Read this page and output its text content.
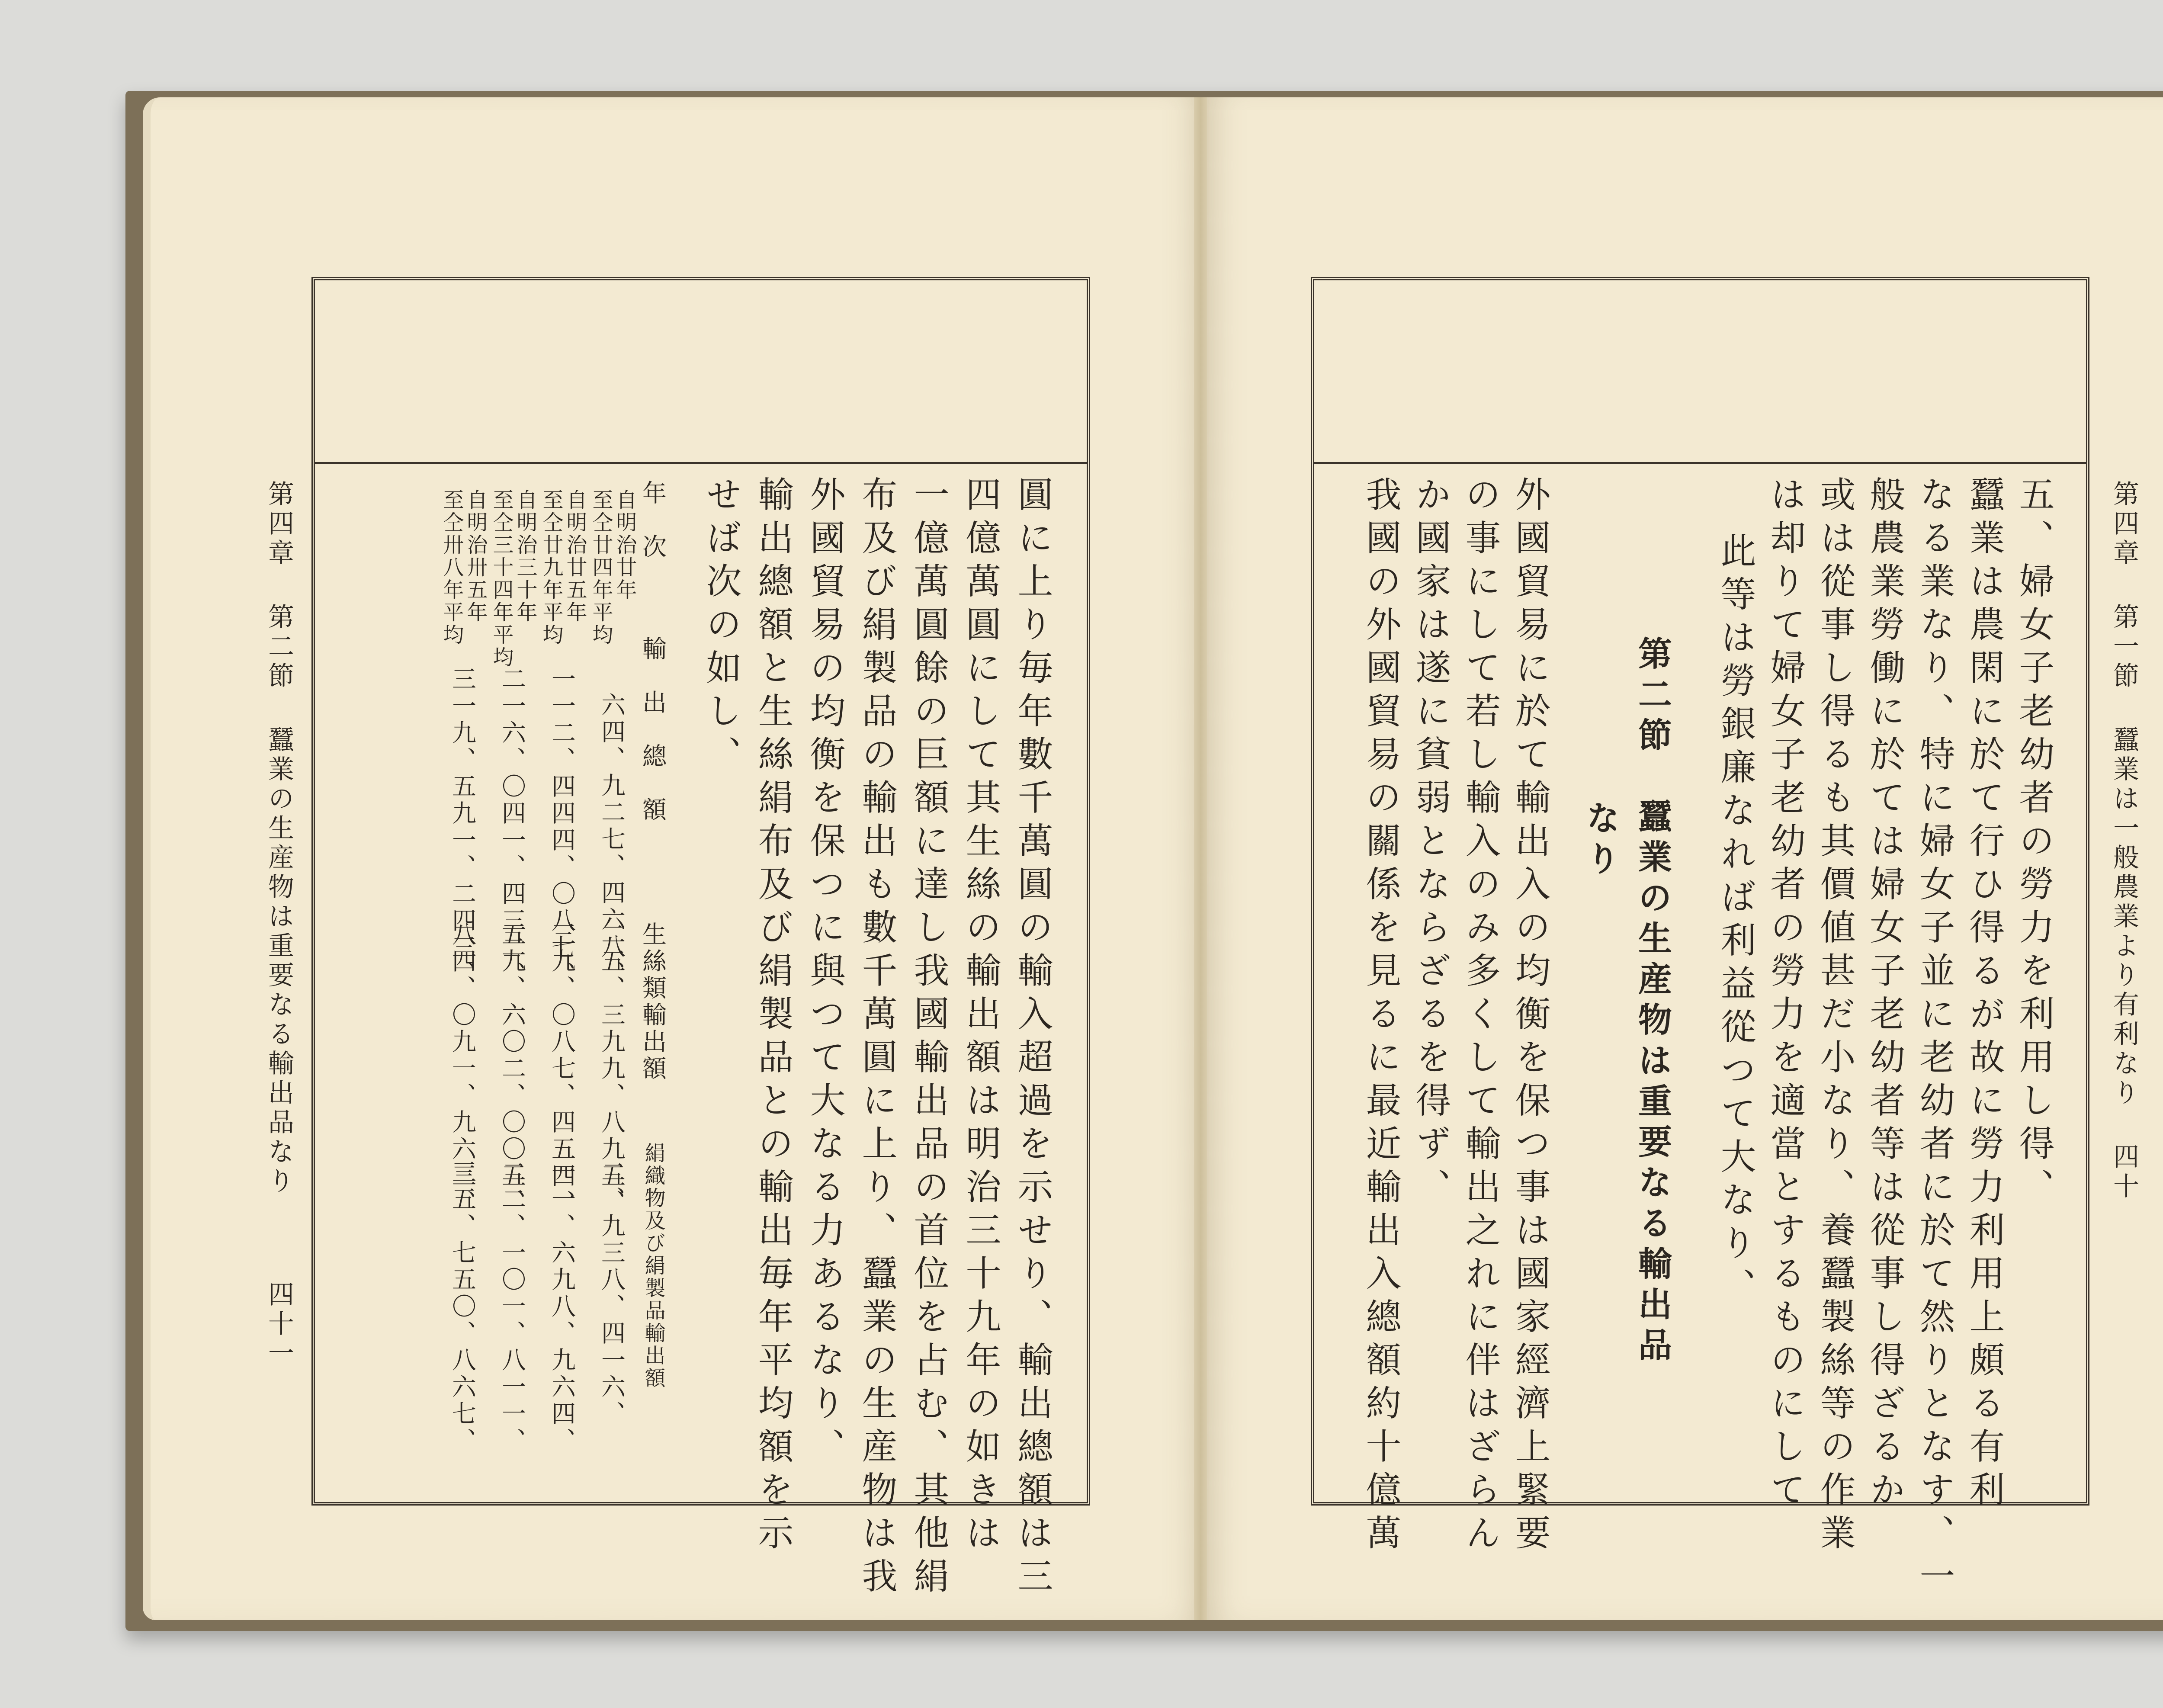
第四章第二節蠶業の生産物は重要なる輸出品なり
四十一	圓に上り毎年數千萬圓の輸入超過を示せり、輸出總額は三
四億萬圓にして其生絲の輸出額は明治三十九年の如きは
一億萬圓餘の巨額に達し我國輸出品の首位を占む、其他絹
布及び絹製品の輸出も數千萬圓に上り、蠶業の生産物は我
外國貿易の均衡を保つに與つて大なる力あるなり、
輸出總額と生絲絹布及び絹製品との輸出毎年平均額を示
せば次の如し、
年　次
輸　出　總　額
生絲類輸出額
絹織物及び絹製品輸出額
自明治廿年
至仝廿四年平均
六四、九二七、四六八、
二五、三九九、八九五、
二、九三八、四一六、
自明治廿五年
至仝廿九年平均
一一二、四四四、〇八七、
三九、〇八七、四五四、
一一、六九八、九六四、
自明治三十年
至仝三十四年平均
二一六、〇四一、四三二、
五九、六〇二、〇〇五、
二二、一〇一、八一一、
自明治卅五年
至仝卅八年平均
三一九、五九一、二四三、
八四、〇九一、九六三、
三五、七五〇、八六七、
第四章第一節蠶業は一般農業より有利なり四十
五、婦女子老幼者の勞力を利用し得、
蠶業は農閑に於て行ひ得るが故に勞力利用上頗る有利
なる業なり、特に婦女子並に老幼者に於て然りとなす、一
般農業勞働に於ては婦女子老幼者等は從事し得ざるか
或は從事し得るも其價値甚だ小なり、養蠶製絲等の作業
は却りて婦女子老幼者の勞力を適當とするものにして
此等は勞銀廉なれば利益從つて大なり、
第二節　蠶業の生産物は重要なる輸出品
なり
外國貿易に於て輸出入の均衡を保つ事は國家經濟上緊要
の事にして若し輸入のみ多くして輸出之れに伴はざらん
か國家は遂に貧弱とならざるを得ず、
我國の外國貿易の關係を見るに最近輸出入總額約十億萬
